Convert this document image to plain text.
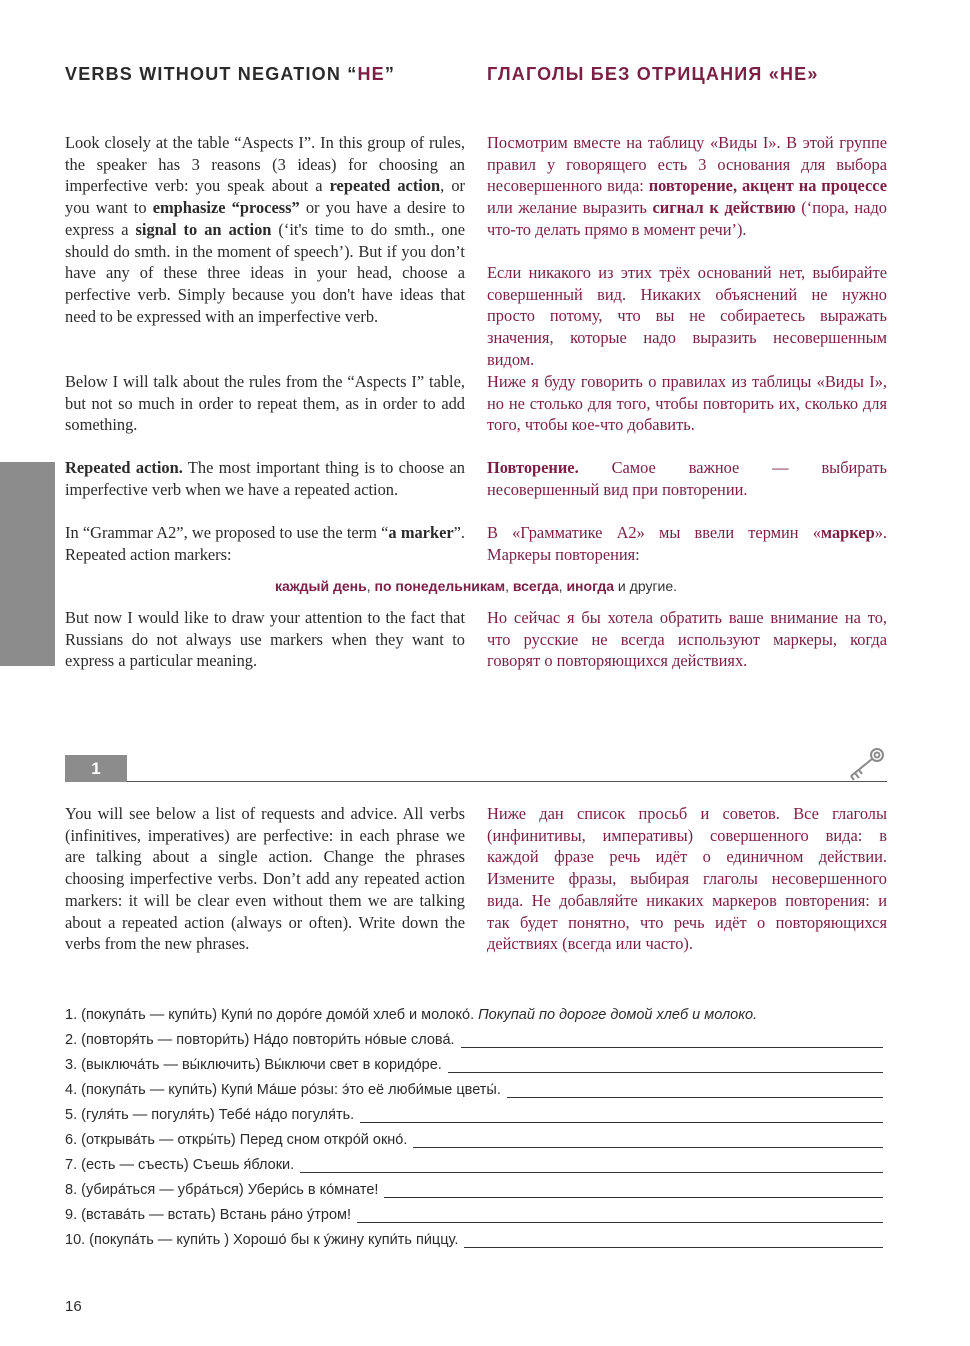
VERBS WITHOUT NEGATION “НЕ”	ГЛАГОЛЫ БЕЗ ОТРИЦАНИЯ «НЕ»

Look closely at the table “Aspects I”. In this group of rules, the speaker has 3 reasons (3 ideas) for choosing an imperfective verb: you speak about a repeated action, or you want to emphasize “process” or you have a desire to express a signal to an action (‘it's time to do smth., one should do smth. in the moment of speech’). But if you don’t have any of these three ideas in your head, choose a perfective verb. Simply because you don't have ideas that need to be expressed with an imperfective verb.

Below I will talk about the rules from the “Aspects I” table, but not so much in order to repeat them, as in order to add something.

Посмотрим вместе на таблицу «Виды I». В этой группе правил у говорящего есть 3 основания для выбора несовершенного вида: повторение, акцент на процессе или желание выразить сигнал к действию (‘пора, надо что-то делать прямо в момент речи’).

Если никакого из этих трёх оснований нет, выбирайте совершенный вид. Никаких объяснений не нужно просто потому, что вы не собираетесь выражать значения, которые надо выразить несовершенным видом.

Ниже я буду говорить о правилах из таблицы «Виды I», но не столько для того, чтобы повторить их, сколько для того, чтобы кое-что добавить.

Repeated action. The most important thing is to choose an imperfective verb when we have a repeated action.

In “Grammar A2”, we proposed to use the term “a marker”. Repeated action markers:

Повторение. Самое важное — выбирать несовершенный вид при повторении.

В «Грамматике А2» мы ввели термин «маркер». Маркеры повторения:

каждый день, по понедельникам, всегда, иногда и другие.

But now I would like to draw your attention to the fact that Russians do not always use markers when they want to express a particular meaning.

Но сейчас я бы хотела обратить ваше внимание на то, что русские не всегда используют маркеры, когда говорят о повторяющихся действиях.

1

You will see below a list of requests and advice. All verbs (infinitives, imperatives) are perfective: in each phrase we are talking about a single action. Change the phrases choosing imperfective verbs. Don’t add any repeated action markers: it will be clear even without them we are talking about a repeated action (always or often). Write down the verbs from the new phrases.

Ниже дан список просьб и советов. Все глаголы (инфинитивы, императивы) совершенного вида: в каждой фразе речь идёт о единичном действии. Измените фразы, выбирая глаголы несовершенного вида. Не добавляйте никаких маркеров повторения: и так будет понятно, что речь идёт о повторяющихся действиях (всегда или часто).

1. (покупа́ть — купи́ть) Купи́ по доро́ге домо́й хлеб и молоко́. Покупай по дороге домой хлеб и молоко.
2. (повторя́ть — повтори́ть) На́до повтори́ть но́вые слова́.
3. (выключа́ть — вы́ключить) Вы́ключи свет в коридо́ре.
4. (покупа́ть — купи́ть) Купи́ Ма́ше ро́зы: э́то её люби́мые цветы́.
5. (гуля́ть — погуля́ть) Тебе́ на́до погуля́ть.
6. (открыва́ть — откры́ть) Перед сном откро́й окно́.
7. (есть — съесть) Съешь я́блоки.
8. (убира́ться — убра́ться) Убери́сь в ко́мнате!
9. (встава́ть — встать) Встань ра́но у́тром!
10. (покупа́ть — купи́ть ) Хорошо́ бы к у́жину купи́ть пи́ццу.

16
